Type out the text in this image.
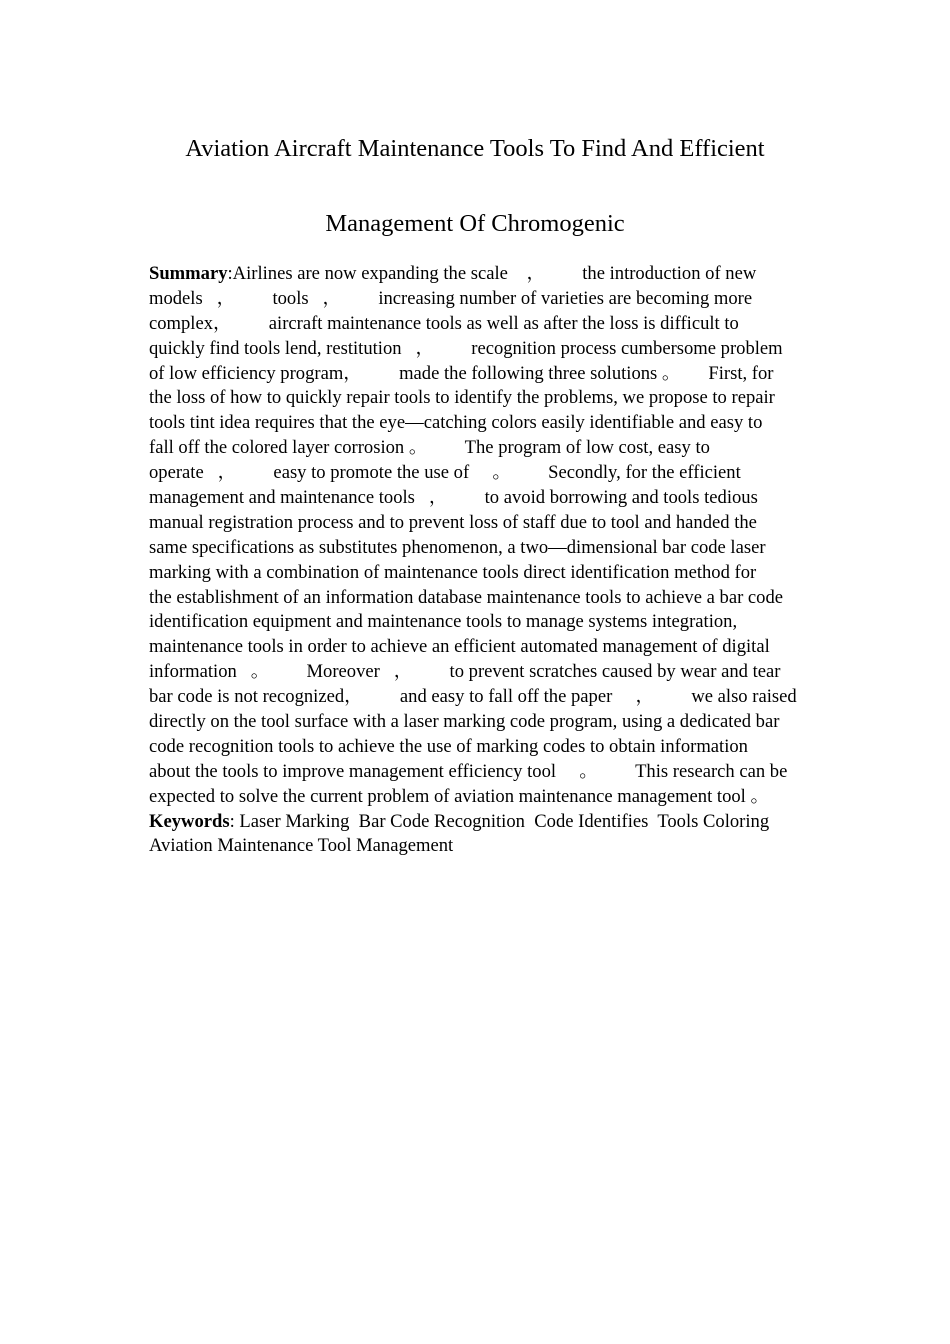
Aviation Aircraft Maintenance Tools To Find And Efficient
Management Of Chromogenic
Summary:Airlines are now expanding the scale    ，        the introduction of new
models   ，        tools   ，        increasing number of varieties are becoming more
complex，        aircraft maintenance tools as well as after the loss is difficult to
quickly find tools lend, restitution   ，        recognition process cumbersome problem
of low efficiency program，        made the following three solutions 。      First, for
the loss of how to quickly repair tools to identify the problems, we propose to repair
tools tint idea requires that the eye—catching colors easily identifiable and easy to
fall off the colored layer corrosion 。        The program of low cost, easy to
operate   ，        easy to promote the use of     。        Secondly, for the efficient
management and maintenance tools   ，        to avoid borrowing and tools tedious
manual registration process and to prevent loss of staff due to tool and handed the
same specifications as substitutes phenomenon, a two—dimensional bar code laser
marking with a combination of maintenance tools direct identification method for
the establishment of an information database maintenance tools to achieve a bar code
identification equipment and maintenance tools to manage systems integration,
maintenance tools in order to achieve an efficient automated management of digital
information   。        Moreover   ，        to prevent scratches caused by wear and tear
bar code is not recognized，        and easy to fall off the paper     ，        we also raised
directly on the tool surface with a laser marking code program, using a dedicated bar
code recognition tools to achieve the use of marking codes to obtain information
about the tools to improve management efficiency tool     。        This research can be
expected to solve the current problem of aviation maintenance management tool 。
Keywords: Laser Marking  Bar Code Recognition  Code Identifies  Tools Coloring
Aviation Maintenance Tool Management
